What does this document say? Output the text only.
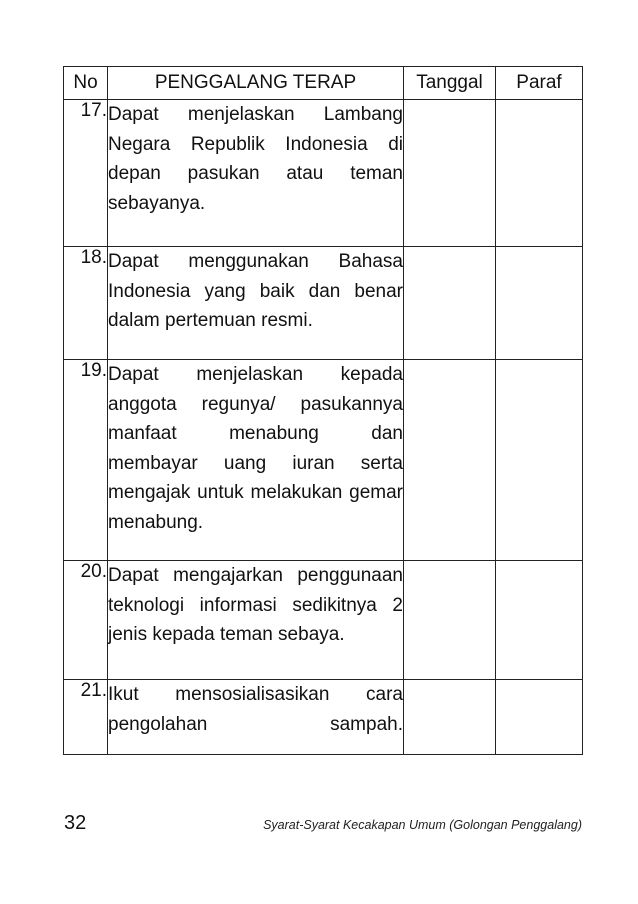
No	PENGGALANG TERAP	Tanggal	Paraf
17.	Dapat menjelaskan Lambang Negara Republik Indonesia di depan pasukan atau teman sebayanya.		
18.	Dapat menggunakan Bahasa Indonesia yang baik dan benar dalam pertemuan resmi.		
19.	Dapat menjelaskan kepada anggota regunya/ pasukannya manfaat menabung dan membayar uang iuran serta mengajak untuk melakukan gemar menabung.		
20.	Dapat mengajarkan penggunaan teknologi informasi sedikitnya 2 jenis kepada teman sebaya.		
21.	Ikut mensosialisasikan cara pengolahan sampah.		
32	Syarat-Syarat Kecakapan Umum (Golongan Penggalang)
